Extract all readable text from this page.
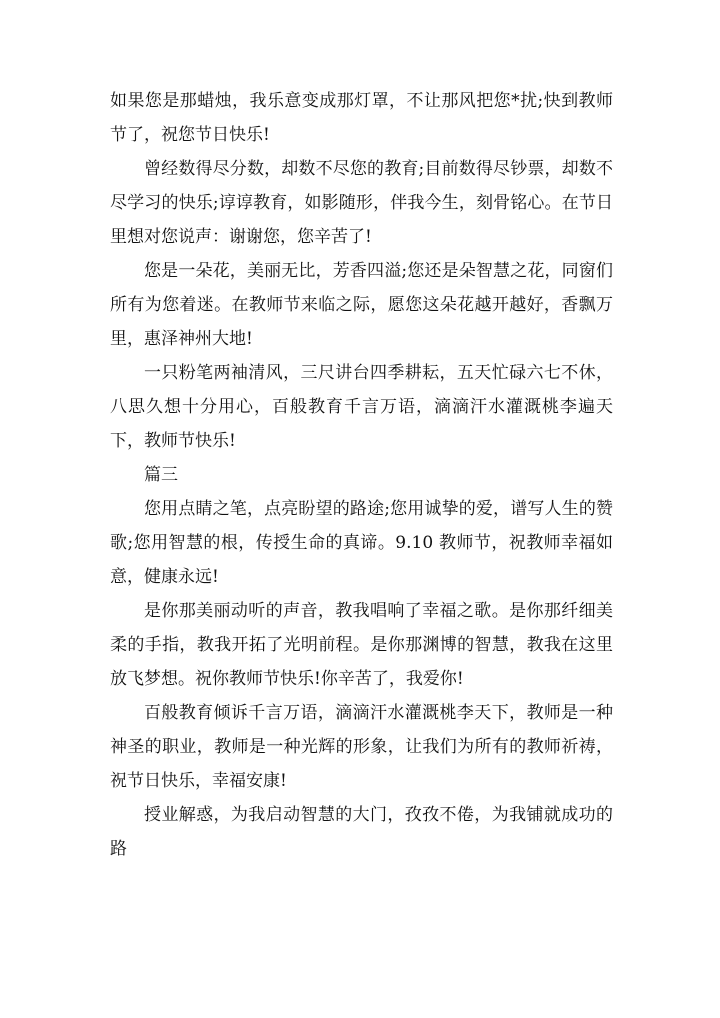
如果您是那蜡烛，我乐意变成那灯罩，不让那风把您*扰;快到教师节了，祝您节日快乐!

曾经数得尽分数，却数不尽您的教育;目前数得尽钞票，却数不尽学习的快乐;谆谆教育，如影随形，伴我今生，刻骨铭心。在节日里想对您说声：谢谢您，您辛苦了!

您是一朵花，美丽无比，芳香四溢;您还是朵智慧之花，同窗们所有为您着迷。在教师节来临之际，愿您这朵花越开越好，香飘万里，惠泽神州大地!

一只粉笔两袖清风，三尺讲台四季耕耘，五天忙碌六七不休，八思久想十分用心，百般教育千言万语，滴滴汗水灌溉桃李遍天下，教师节快乐!

篇三

您用点睛之笔，点亮盼望的路途;您用诚挚的爱，谱写人生的赞歌;您用智慧的根，传授生命的真谛。9.10 教师节，祝教师幸福如意，健康永远!

是你那美丽动听的声音，教我唱响了幸福之歌。是你那纤细美柔的手指，教我开拓了光明前程。是你那渊博的智慧，教我在这里放飞梦想。祝你教师节快乐!你辛苦了，我爱你!

百般教育倾诉千言万语，滴滴汗水灌溉桃李天下，教师是一种神圣的职业，教师是一种光辉的形象，让我们为所有的教师祈祷，祝节日快乐，幸福安康!

授业解惑，为我启动智慧的大门，孜孜不倦，为我铺就成功的路
